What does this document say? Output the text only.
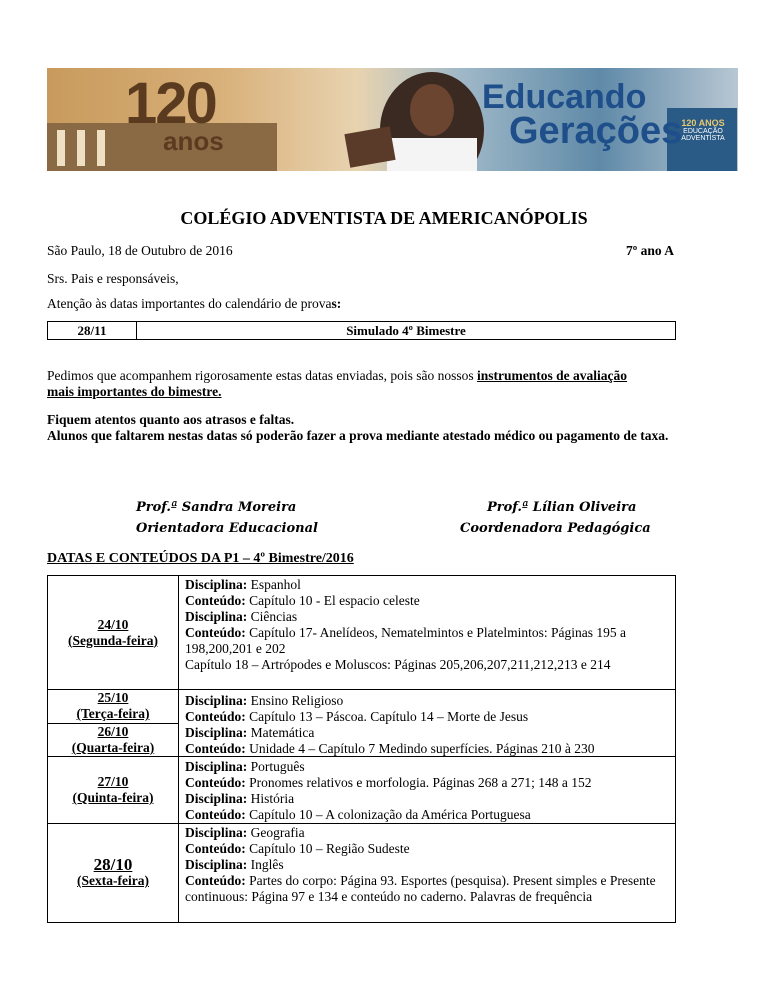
120
anos
Educando
Gerações 120 ANOS
EDUCAÇÃO ADVENTISTA
COLÉGIO ADVENTISTA DE AMERICANÓPOLIS
São Paulo, 18 de Outubro de 2016	7º ano A
Srs. Pais e responsáveis,
Atenção às datas importantes do calendário de provas:
28/11	Simulado 4º Bimestre
Pedimos que acompanhem rigorosamente estas datas enviadas, pois são nossos instrumentos de avaliação
mais importantes do bimestre.
Fiquem atentos quanto aos atrasos e faltas.
Alunos que faltarem nestas datas só poderão fazer a prova mediante atestado médico ou pagamento de taxa.
Prof.ª Sandra Moreira
Orientadora Educacional
Prof.ª Lílian Oliveira
Coordenadora Pedagógica
DATAS E CONTEÚDOS DA P1 – 4º Bimestre/2016
24/10
(Segunda-feira)
Disciplina: Espanhol
Conteúdo: Capítulo 10 - El espacio celeste
Disciplina: Ciências
Conteúdo: Capítulo 17- Anelídeos, Nematelmintos e Platelmintos: Páginas 195 a 198,200,201 e 202
Capítulo 18 – Artrópodes e Moluscos: Páginas 205,206,207,211,212,213 e 214
25/10
(Terça-feira)
26/10
(Quarta-feira)
Disciplina: Ensino Religioso
Conteúdo: Capítulo 13 – Páscoa. Capítulo 14 – Morte de Jesus
Disciplina: Matemática
Conteúdo: Unidade 4 – Capítulo 7 Medindo superfícies. Páginas 210 à 230
27/10
(Quinta-feira)
Disciplina: Português
Conteúdo: Pronomes relativos e morfologia. Páginas 268 a 271; 148 a 152
Disciplina: História
Conteúdo: Capítulo 10 – A colonização da América Portuguesa
28/10
(Sexta-feira)
Disciplina: Geografia
Conteúdo: Capítulo 10 – Região Sudeste
Disciplina: Inglês
Conteúdo: Partes do corpo: Página 93. Esportes (pesquisa). Present simples e Presente continuous: Página 97 e 134 e conteúdo no caderno. Palavras de frequência
